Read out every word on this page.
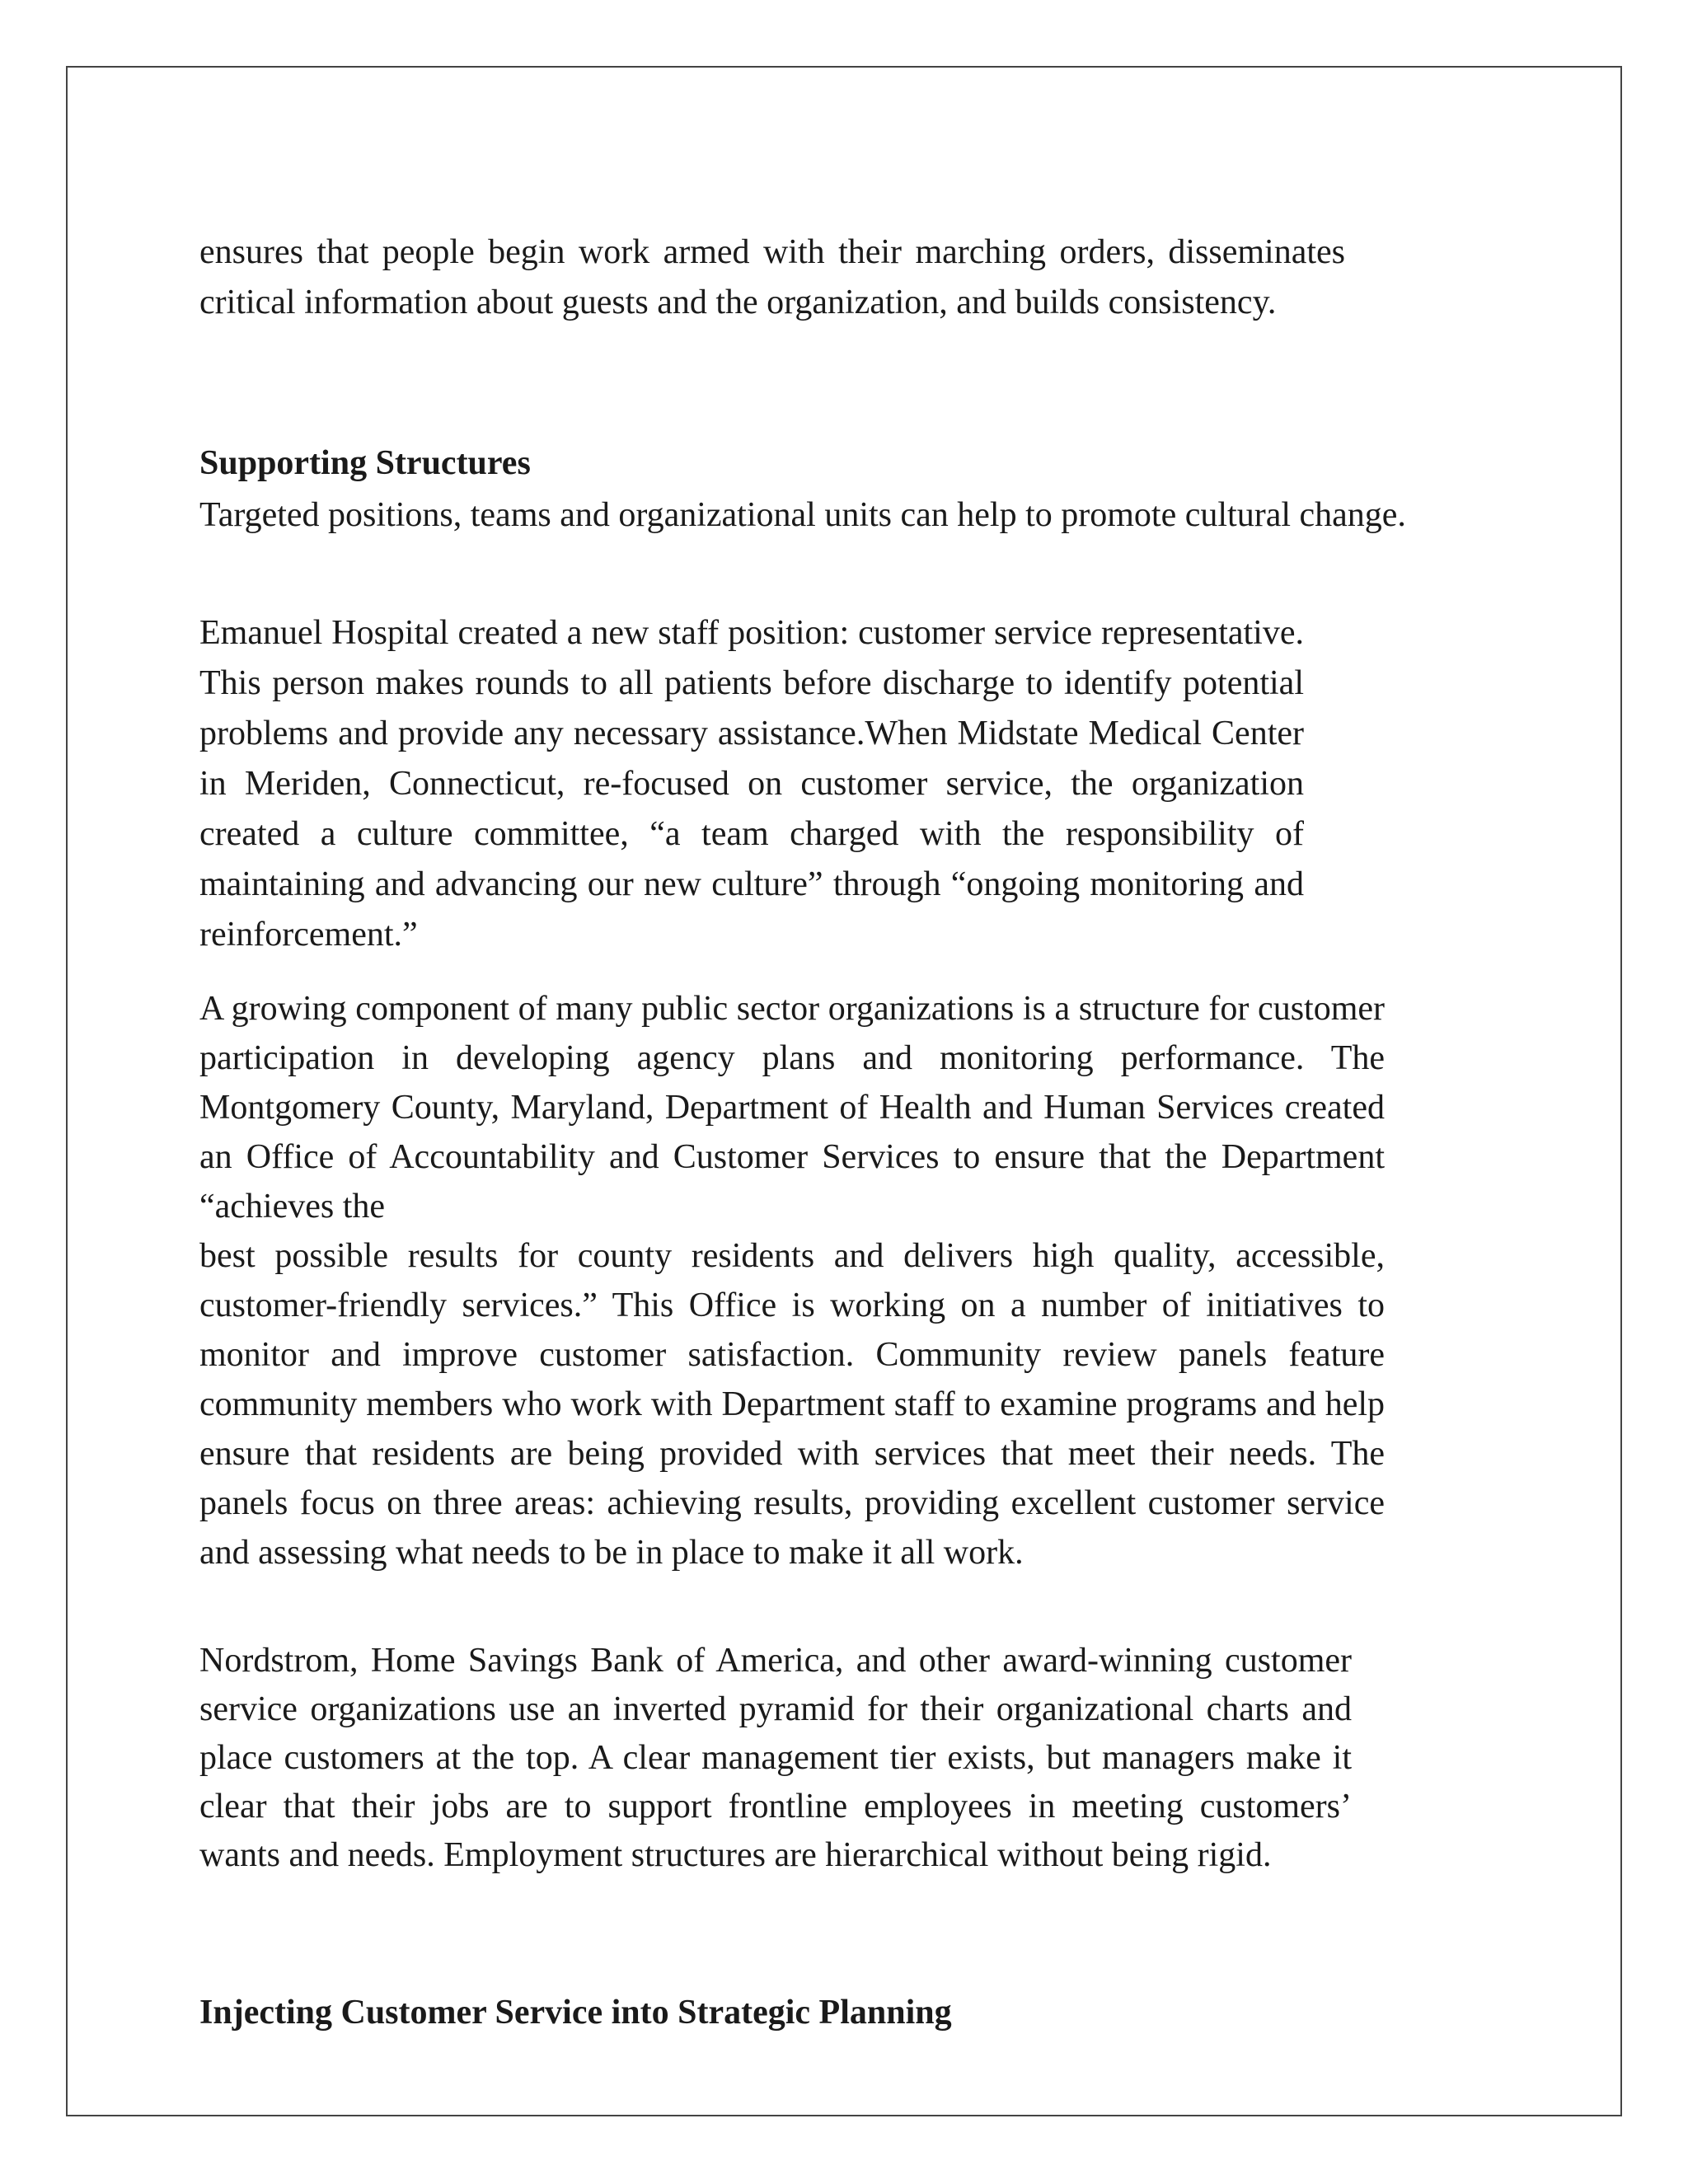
ensures that people begin work armed with their marching orders, disseminates critical information about guests and the organization, and builds consistency.

Supporting Structures

Targeted positions, teams and organizational units can help to promote cultural change.

Emanuel Hospital created a new staff position: customer service representative. This person makes rounds to all patients before discharge to identify potential problems and provide any necessary assistance.When Midstate Medical Center in Meriden, Connecticut, re-focused on customer service, the organization created a culture committee, “a team charged with the responsibility of maintaining and advancing our new culture” through “ongoing monitoring and reinforcement.”

A growing component of many public sector organizations is a structure for customer participation in developing agency plans and monitoring performance. The Montgomery County, Maryland, Department of Health and Human Services created an Office of Accountability and Customer Services to ensure that the Department “achieves the

best possible results for county residents and delivers high quality, accessible, customer-friendly services.” This Office is working on a number of initiatives to monitor and improve customer satisfaction. Community review panels feature community members who work with Department staff to examine programs and help ensure that residents are being provided with services that meet their needs. The panels focus on three areas: achieving results, providing excellent customer service and assessing what needs to be in place to make it all work.

Nordstrom, Home Savings Bank of America, and other award-winning customer service organizations use an inverted pyramid for their organizational charts and place customers at the top. A clear management tier exists, but managers make it clear that their jobs are to support frontline employees in meeting customers’ wants and needs. Employment structures are hierarchical without being rigid.

Injecting Customer Service into Strategic Planning
